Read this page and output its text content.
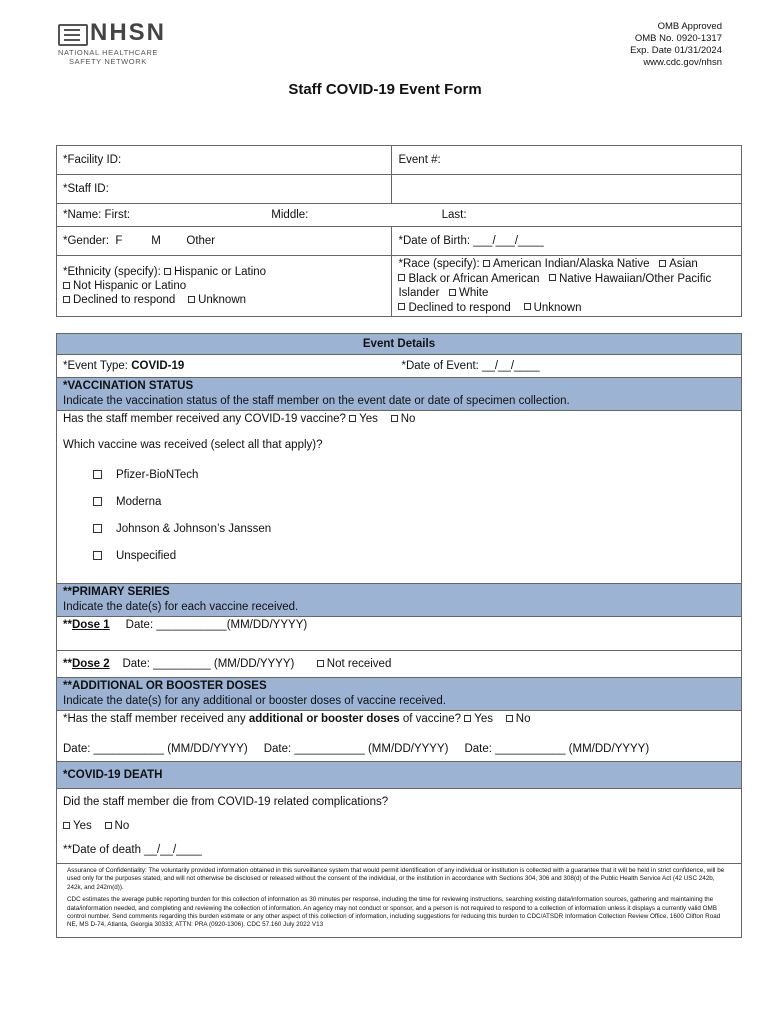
NHSN
NATIONAL HEALTHCARE
SAFETY NETWORK
OMB Approved
OMB No. 0920-1317
Exp. Date 01/31/2024
www.cdc.gov/nhsn
Staff COVID-19 Event Form
*Facility ID:	Event #:
*Staff ID:	
*Name: First: Middle: Last:	
*Gender: F M Other	*Date of Birth: ___/___/____
*Ethnicity (specify): Hispanic or Latino
Not Hispanic or Latino
Declined to respond Unknown	*Race (specify): American Indian/Alaska Native Asian
Black or African American Native Hawaiian/Other Pacific Islander White
Declined to respond Unknown
Event Details
*Event Type: COVID-19	*Date of Event: __/__/____

*VACCINATION STATUS
Indicate the vaccination status of the staff member on the event date or date of specimen collection.

Has the staff member received any COVID-19 vaccine? Yes No
Which vaccine was received (select all that apply)?
Pfizer-BioNTech
Moderna
Johnson & Johnson’s Janssen
Unspecified

**PRIMARY SERIES
Indicate the date(s) for each vaccine received.

**Dose 1 Date: ___________(MM/DD/YYYY)
**Dose 2 Date: _________ (MM/DD/YYYY)	Not received

**ADDITIONAL OR BOOSTER DOSES
Indicate the date(s) for any additional or booster doses of vaccine received.

*Has the staff member received any additional or booster doses of vaccine? Yes No
Date: ___________ (MM/DD/YYYY) Date: ___________ (MM/DD/YYYY) Date: ___________ (MM/DD/YYYY)

*COVID-19 DEATH

Did the staff member die from COVID-19 related complications?
Yes No
**Date of death __/__/____

Assurance of Confidentiality: The voluntarily provided information obtained in this surveillance system that would permit identification of any individual or institution is collected with a guarantee that it will be held in strict confidence, will be used only for the purposes stated, and will not otherwise be disclosed or released without the consent of the individual, or the institution in accordance with Sections 304, 306 and 308(d) of the Public Health Service Act (42 USC 242b, 242k, and 242m(d)).

CDC estimates the average public reporting burden for this collection of information as 30 minutes per response, including the time for reviewing instructions, searching existing data/information sources, gathering and maintaining the data/information needed, and completing and reviewing the collection of information. An agency may not conduct or sponsor, and a person is not required to respond to a collection of information unless it displays a currently valid OMB control number. Send comments regarding this burden estimate or any other aspect of this collection of information, including suggestions for reducing this burden to CDC/ATSDR Information Collection Review Office, 1600 Clifton Road NE, MS D-74, Atlanta, Georgia 30333; ATTN: PRA (0920-1306). CDC 57.160 July 2022 V13
